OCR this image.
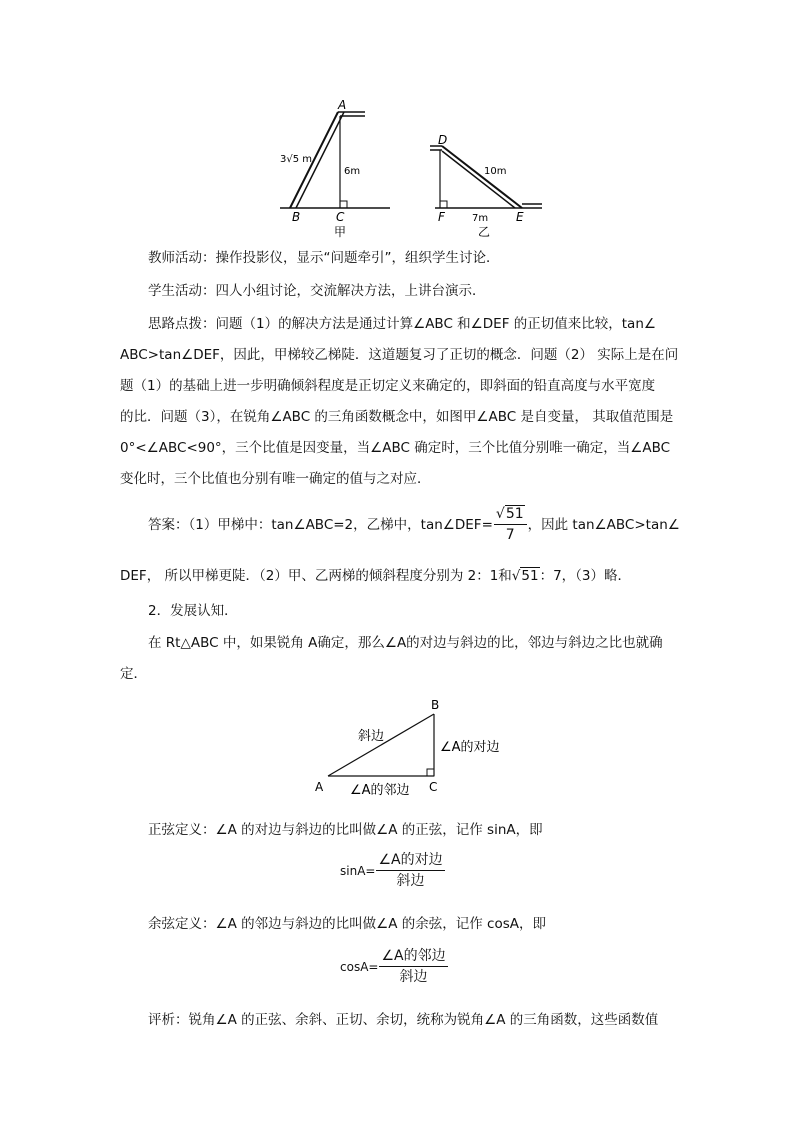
A
B	C
3√5 m
6m
甲
D
E
F
10m
7m
乙
教师活动：操作投影仪，显示“问题牵引”，组织学生讨论．
学生活动：四人小组讨论，交流解决方法，上讲台演示．
思路点拨：问题（1）的解决方法是通过计算∠ABC 和∠DEF 的正切值来比较，tan∠
ABC>tan∠DEF，因此，甲梯较乙梯陡．这道题复习了正切的概念．问题（2） 实际上是在问
题（1）的基础上进一步明确倾斜程度是正切定义来确定的，即斜面的铅直高度与水平宽度
的比．问题（3），在锐角∠ABC 的三角函数概念中，如图甲∠ABC 是自变量， 其取值范围是
0°<∠ABC<90°，三个比值是因变量，当∠ABC 确定时，三个比值分别唯一确定，当∠ABC
变化时，三个比值也分别有唯一确定的值与之对应．
答案：（1）甲梯中：tan∠ABC=2，乙梯中，tan∠DEF= $\frac{√51}{7}$ ，因此 tan∠ABC>tan∠
DEF， 所以甲梯更陡．（2）甲、乙两梯的倾斜程度分别为 2：1和 √51 ：7，（3）略．
2．发展认知．
在 Rt△ABC 中，如果锐角 A确定，那么∠A的对边与斜边的比，邻边与斜边之比也就确
定．
A
B
C
斜边
∠A的对边
∠A的邻边
正弦定义：∠A 的对边与斜边的比叫做∠A 的正弦，记作 sinA，即
$\sin A= \frac{\text{∠A的对边}}{\text{斜边}}$
余弦定义：∠A 的邻边与斜边的比叫做∠A 的余弦，记作 cosA，即
$\cos A= \frac{\text{∠A的邻边}}{\text{斜边}}$
评析：锐角∠A 的正弦、余斜、正切、余切，统称为锐角∠A 的三角函数，这些函数值
